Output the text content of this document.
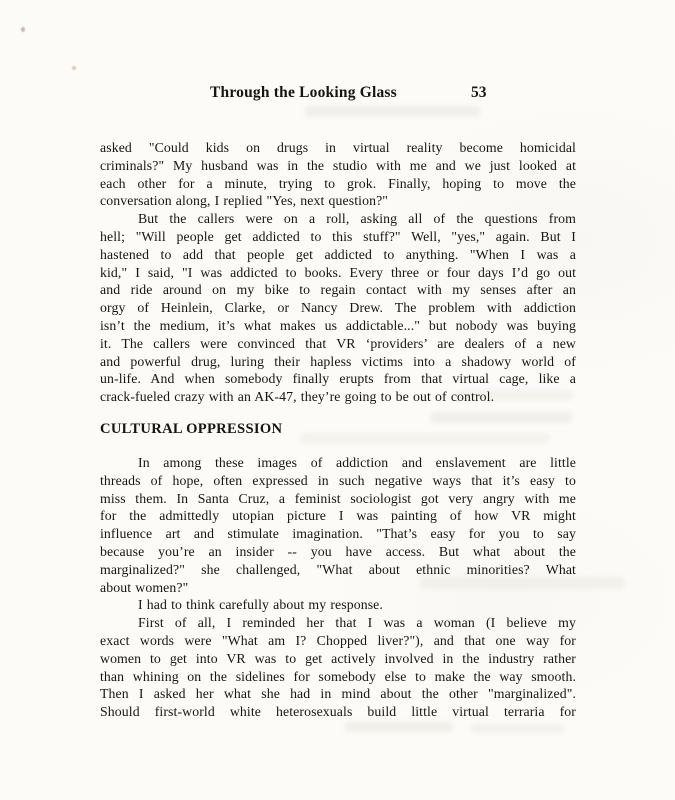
Through the Looking Glass	53
asked "Could kids on drugs in virtual reality become homicidal
criminals?" My husband was in the studio with me and we just looked at
each other for a minute, trying to grok. Finally, hoping to move the
conversation along, I replied "Yes, next question?"
But the callers were on a roll, asking all of the questions from
hell; "Will people get addicted to this stuff?" Well, "yes," again. But I
hastened to add that people get addicted to anything. "When I was a
kid," I said, "I was addicted to books. Every three or four days I’d go out
and ride around on my bike to regain contact with my senses after an
orgy of Heinlein, Clarke, or Nancy Drew. The problem with addiction
isn’t the medium, it’s what makes us addictable..." but nobody was buying
it. The callers were convinced that VR ‘providers’ are dealers of a new
and powerful drug, luring their hapless victims into a shadowy world of
un-life. And when somebody finally erupts from that virtual cage, like a
crack-fueled crazy with an AK-47, they’re going to be out of control.
CULTURAL OPPRESSION
In among these images of addiction and enslavement are little
threads of hope, often expressed in such negative ways that it’s easy to
miss them. In Santa Cruz, a feminist sociologist got very angry with me
for the admittedly utopian picture I was painting of how VR might
influence art and stimulate imagination. "That’s easy for you to say
because you’re an insider -- you have access. But what about the
marginalized?" she challenged, "What about ethnic minorities? What
about women?"
I had to think carefully about my response.
First of all, I reminded her that I was a woman (I believe my
exact words were "What am I? Chopped liver?"), and that one way for
women to get into VR was to get actively involved in the industry rather
than whining on the sidelines for somebody else to make the way smooth.
Then I asked her what she had in mind about the other "marginalized".
Should first-world white heterosexuals build little virtual terraria for
